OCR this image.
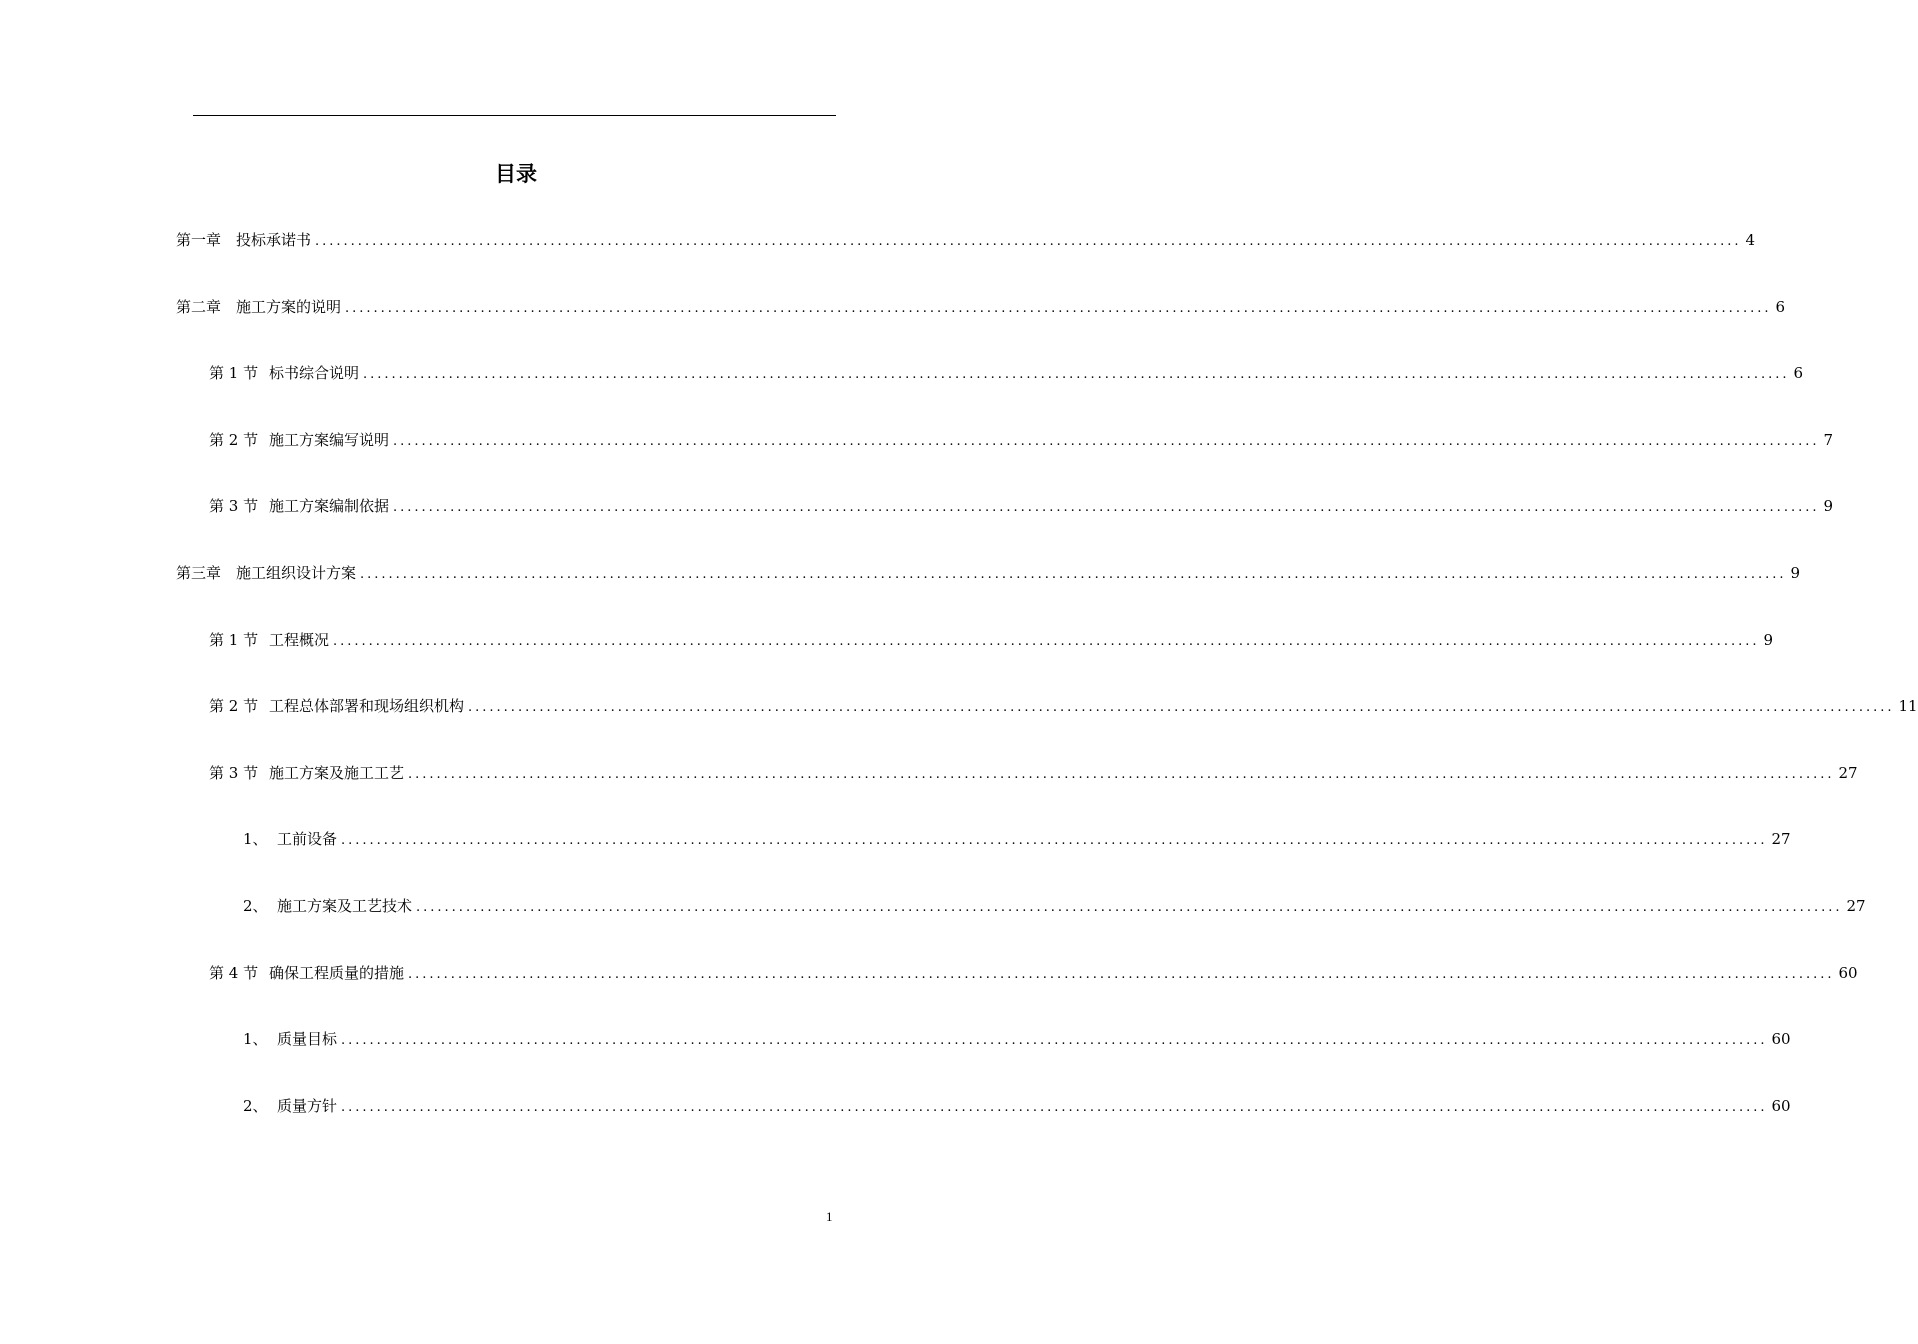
目录
第一章 投标承诺书 ........................................................................................................................................................................................................ 4
第二章 施工方案的说明 ........................................................................................................................................................................................................ 6
第 1 节 标书综合说明 ........................................................................................................................................................................................................ 6
第 2 节 施工方案编写说明 ........................................................................................................................................................................................................ 7
第 3 节 施工方案编制依据 ........................................................................................................................................................................................................ 9
第三章 施工组织设计方案 ........................................................................................................................................................................................................ 9
第 1 节 工程概况 ........................................................................................................................................................................................................ 9
第 2 节 工程总体部署和现场组织机构 ........................................................................................................................................................................................................ 11
第 3 节 施工方案及施工工艺 ........................................................................................................................................................................................................ 27
1、 工前设备 ........................................................................................................................................................................................................ 27
2、 施工方案及工艺技术 ........................................................................................................................................................................................................ 27
第 4 节 确保工程质量的措施 ........................................................................................................................................................................................................ 60
1、 质量目标 ........................................................................................................................................................................................................ 60
2、 质量方针 ........................................................................................................................................................................................................ 60
1
